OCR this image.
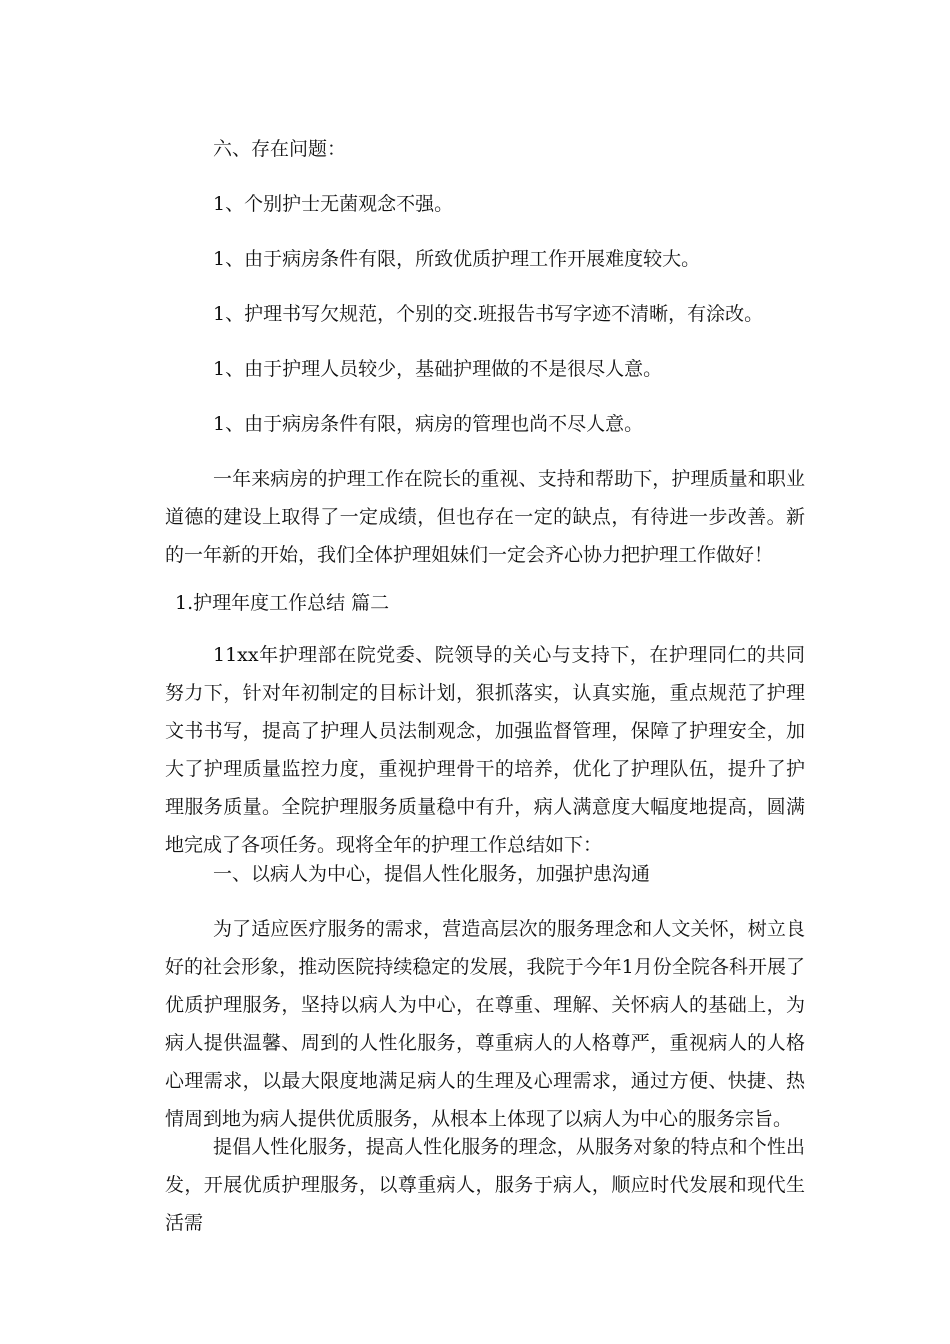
六、存在问题：
1、个别护士无菌观念不强。
1、由于病房条件有限，所致优质护理工作开展难度较大。
1、护理书写欠规范，个别的交.班报告书写字迹不清晰，有涂改。
1、由于护理人员较少，基础护理做的不是很尽人意。
1、由于病房条件有限，病房的管理也尚不尽人意。
一年来病房的护理工作在院长的重视、支持和帮助下，护理质量和职业道德的建设上取得了一定成绩，但也存在一定的缺点，有待进一步改善。新的一年新的开始，我们全体护理姐妹们一定会齐心协力把护理工作做好！
1.护理年度工作总结 篇二
11xx年护理部在院党委、院领导的关心与支持下，在护理同仁的共同努力下，针对年初制定的目标计划，狠抓落实，认真实施，重点规范了护理文书书写，提高了护理人员法制观念，加强监督管理，保障了护理安全，加大了护理质量监控力度，重视护理骨干的培养，优化了护理队伍，提升了护理服务质量。全院护理服务质量稳中有升，病人满意度大幅度地提高，圆满地完成了各项任务。现将全年的护理工作总结如下：
一、以病人为中心，提倡人性化服务，加强护患沟通
为了适应医疗服务的需求，营造高层次的服务理念和人文关怀，树立良好的社会形象，推动医院持续稳定的发展，我院于今年1月份全院各科开展了优质护理服务，坚持以病人为中心，在尊重、理解、关怀病人的基础上，为病人提供温馨、周到的人性化服务，尊重病人的人格尊严，重视病人的人格心理需求，以最大限度地满足病人的生理及心理需求，通过方便、快捷、热情周到地为病人提供优质服务，从根本上体现了以病人为中心的服务宗旨。
提倡人性化服务，提高人性化服务的理念，从服务对象的特点和个性出发，开展优质护理服务，以尊重病人，服务于病人，顺应时代发展和现代生活需
